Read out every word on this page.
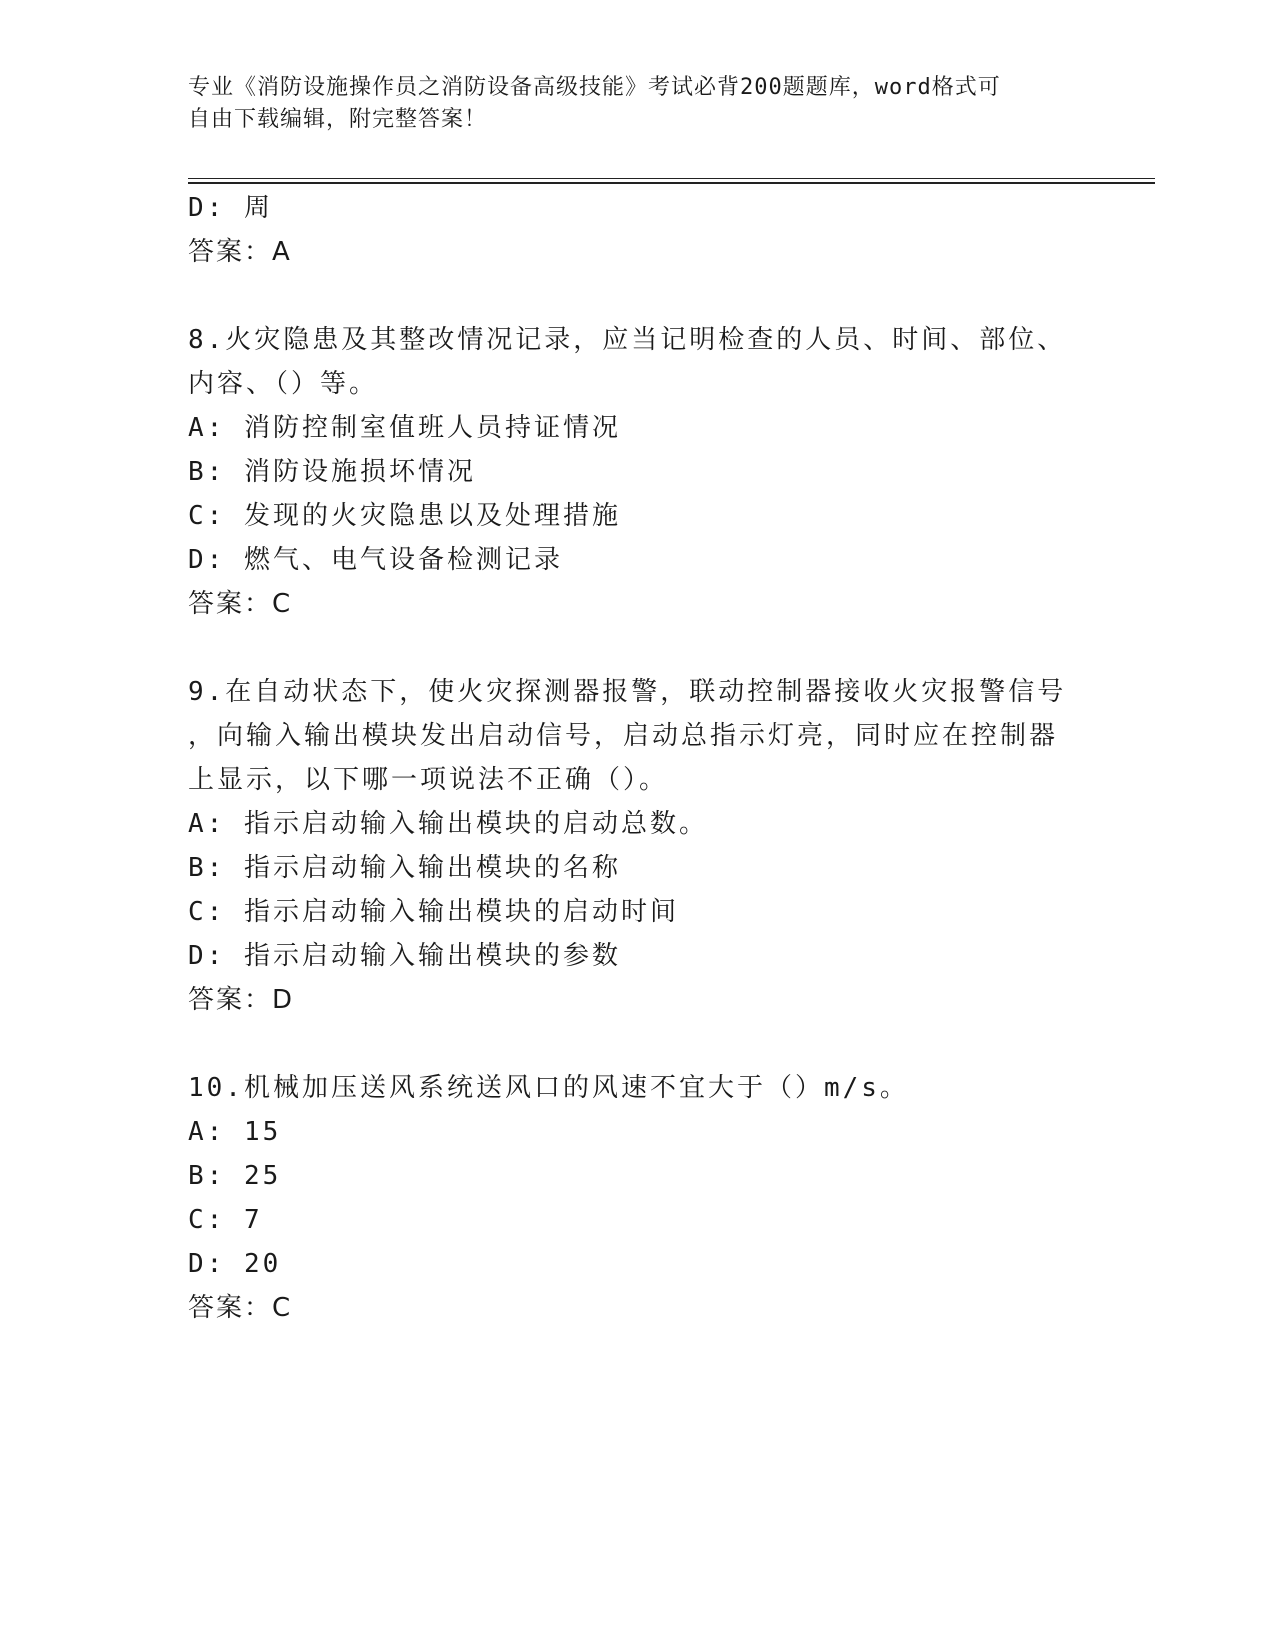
专业《消防设施操作员之消防设备高级技能》考试必背200题题库，word格式可
自由下载编辑，附完整答案！
D: 周
答案：A
8.火灾隐患及其整改情况记录，应当记明检查的人员、时间、部位、
内容、（）等。
A: 消防控制室值班人员持证情况
B: 消防设施损坏情况
C: 发现的火灾隐患以及处理措施
D: 燃气、电气设备检测记录
答案：C
9.在自动状态下，使火灾探测器报警，联动控制器接收火灾报警信号
，向输入输出模块发出启动信号，启动总指示灯亮，同时应在控制器
上显示，以下哪一项说法不正确（）。
A: 指示启动输入输出模块的启动总数。
B: 指示启动输入输出模块的名称
C: 指示启动输入输出模块的启动时间
D: 指示启动输入输出模块的参数
答案：D
10.机械加压送风系统送风口的风速不宜大于（）m/s。
A: 15
B: 25
C: 7
D: 20
答案：C
